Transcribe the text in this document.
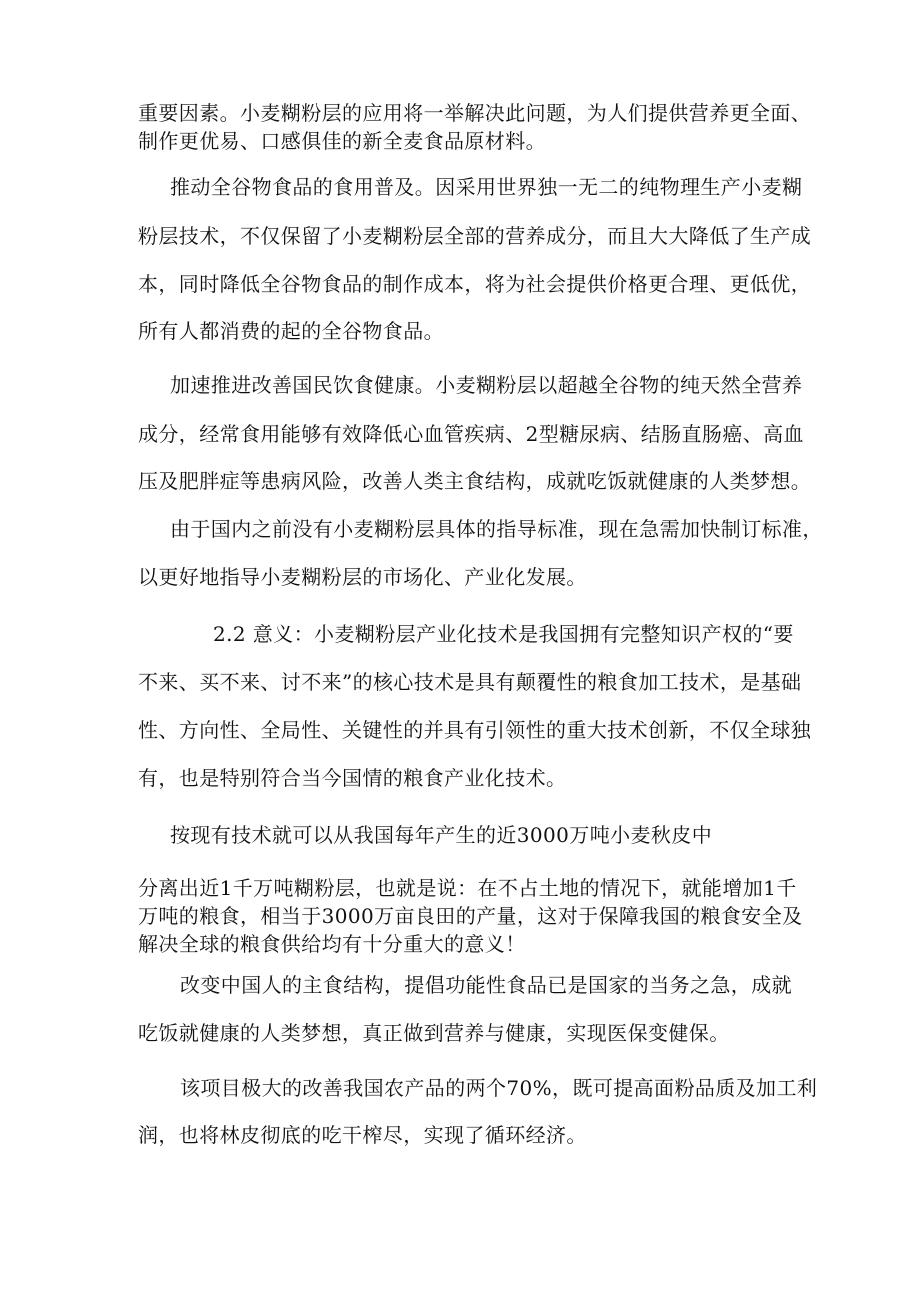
重要因素。小麦糊粉层的应用将一举解决此问题，为人们提供营养更全面、
制作更优易、口感俱佳的新全麦食品原材料。
推动全谷物食品的食用普及。因采用世界独一无二的纯物理生产小麦糊
粉层技术，不仅保留了小麦糊粉层全部的营养成分，而且大大降低了生产成
本，同时降低全谷物食品的制作成本，将为社会提供价格更合理、更低优，
所有人都消费的起的全谷物食品。
加速推进改善国民饮食健康。小麦糊粉层以超越全谷物的纯天然全营养
成分，经常食用能够有效降低心血管疾病、2型糖尿病、结肠直肠癌、高血
压及肥胖症等患病风险，改善人类主食结构，成就吃饭就健康的人类梦想。
由于国内之前没有小麦糊粉层具体的指导标准，现在急需加快制订标准，
以更好地指导小麦糊粉层的市场化、产业化发展。
2.2 意义：小麦糊粉层产业化技术是我国拥有完整知识产权的“要
不来、买不来、讨不来”的核心技术是具有颠覆性的粮食加工技术，是基础
性、方向性、全局性、关键性的并具有引领性的重大技术创新，不仅全球独
有，也是特别符合当今国情的粮食产业化技术。
按现有技术就可以从我国每年产生的近3000万吨小麦秋皮中
分离出近1千万吨糊粉层，也就是说：在不占土地的情况下，就能增加1千
万吨的粮食，相当于3000万亩良田的产量，这对于保障我国的粮食安全及
解决全球的粮食供给均有十分重大的意义！
改变中国人的主食结构，提倡功能性食品已是国家的当务之急，成就
吃饭就健康的人类梦想，真正做到营养与健康，实现医保变健保。
该项目极大的改善我国农产品的两个70%，既可提高面粉品质及加工利
润，也将林皮彻底的吃干榨尽，实现了循环经济。
